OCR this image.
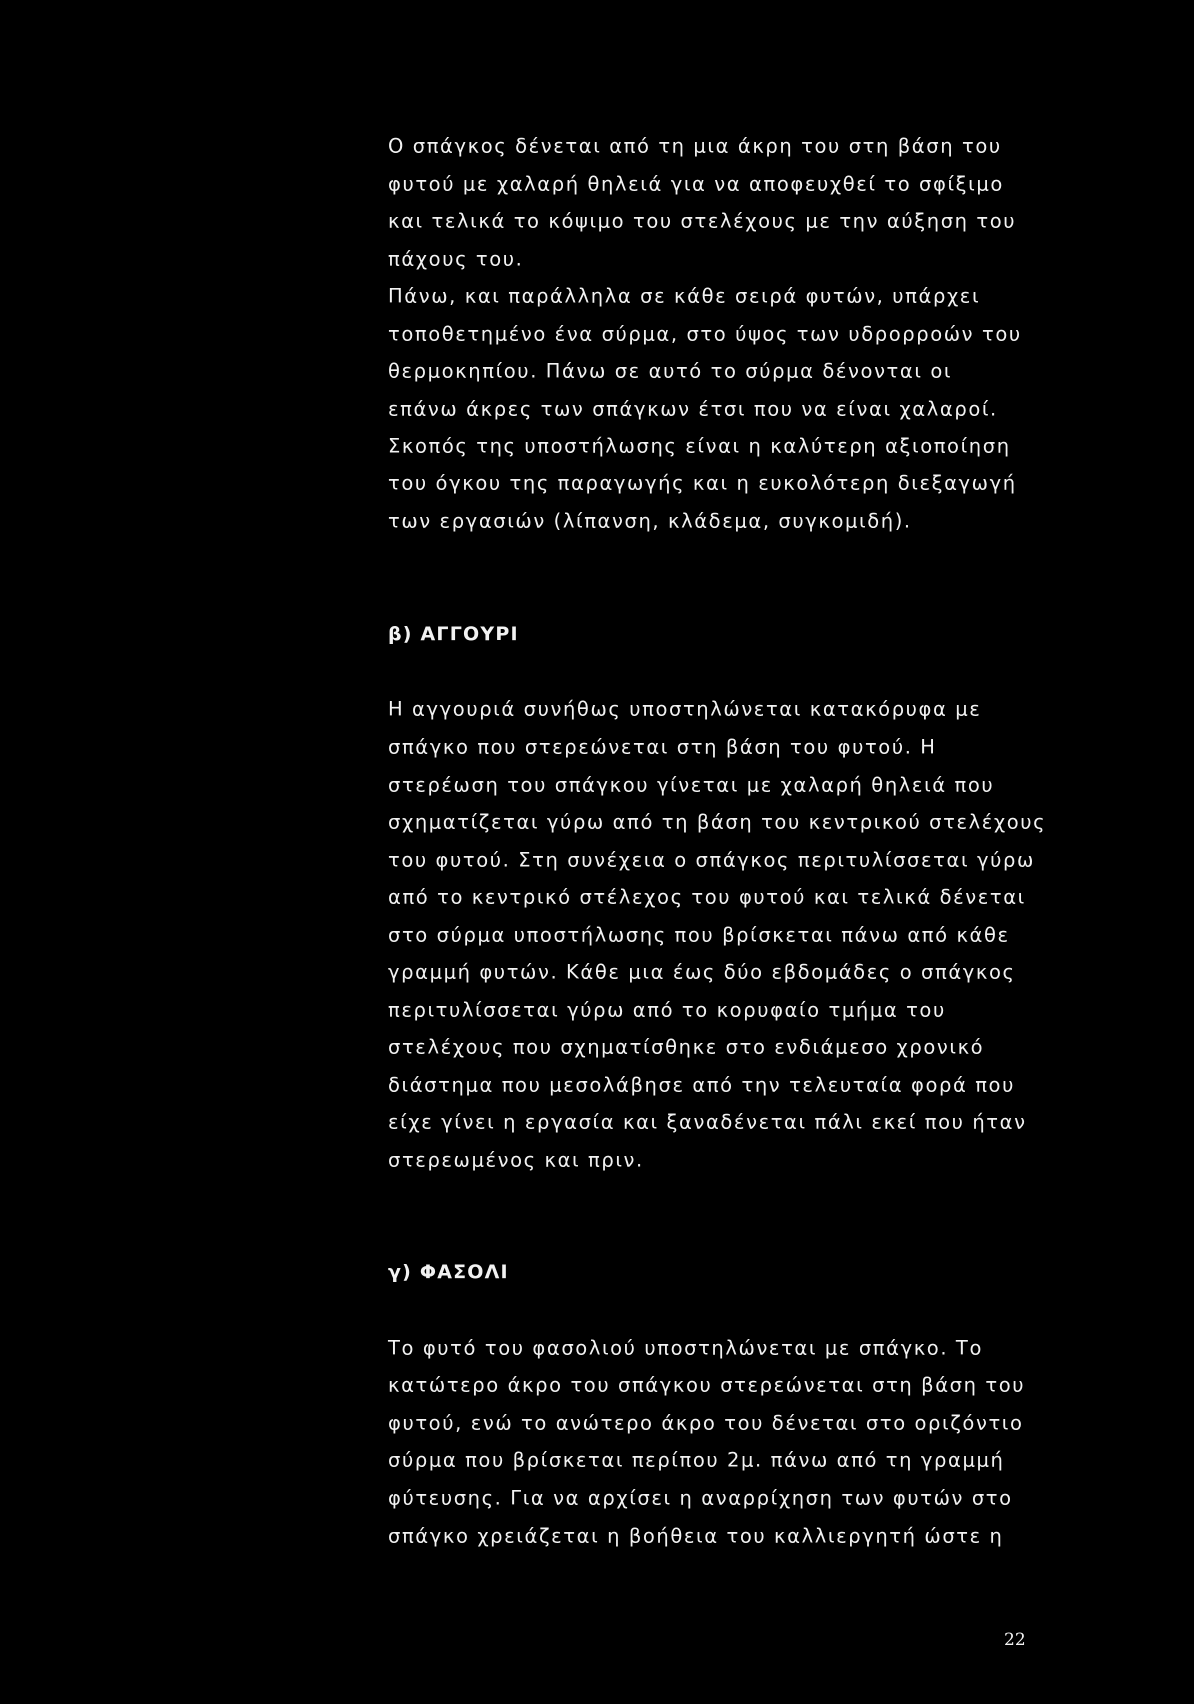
Ο σπάγκος δένεται από τη μια άκρη του στη βάση του
φυτού με χαλαρή θηλειά για να αποφευχθεί το σφίξιμο
και τελικά το κόψιμο του στελέχους με την αύξηση του
πάχους του.
Πάνω, και παράλληλα σε κάθε σειρά φυτών, υπάρχει
τοποθετημένο ένα σύρμα, στο ύψος των υδρορροών του
θερμοκηπίου. Πάνω σε αυτό το σύρμα δένονται οι
επάνω άκρες των σπάγκων έτσι που να είναι χαλαροί.
Σκοπός της υποστήλωσης είναι η καλύτερη αξιοποίηση
του όγκου της παραγωγής και η ευκολότερη διεξαγωγή
των εργασιών (λίπανση, κλάδεμα, συγκομιδή).
β) ΑΓΓΟΥΡΙ
Η αγγουριά συνήθως υποστηλώνεται κατακόρυφα με
σπάγκο που στερεώνεται στη βάση του φυτού. Η
στερέωση του σπάγκου γίνεται με χαλαρή θηλειά που
σχηματίζεται γύρω από τη βάση του κεντρικού στελέχους
του φυτού. Στη συνέχεια ο σπάγκος περιτυλίσσεται γύρω
από το κεντρικό στέλεχος του φυτού και τελικά δένεται
στο σύρμα υποστήλωσης που βρίσκεται πάνω από κάθε
γραμμή φυτών. Κάθε μια έως δύο εβδομάδες ο σπάγκος
περιτυλίσσεται γύρω από το κορυφαίο τμήμα του
στελέχους που σχηματίσθηκε στο ενδιάμεσο χρονικό
διάστημα που μεσολάβησε από την τελευταία φορά που
είχε γίνει η εργασία και ξαναδένεται πάλι εκεί που ήταν
στερεωμένος και πριν.
γ) ΦΑΣΟΛΙ
Το φυτό του φασολιού υποστηλώνεται με σπάγκο. Το
κατώτερο άκρο του σπάγκου στερεώνεται στη βάση του
φυτού, ενώ το ανώτερο άκρο του δένεται στο οριζόντιο
σύρμα που βρίσκεται περίπου 2μ. πάνω από τη γραμμή
φύτευσης. Για να αρχίσει η αναρρίχηση των φυτών στο
σπάγκο χρειάζεται η βοήθεια του καλλιεργητή ώστε η
22
